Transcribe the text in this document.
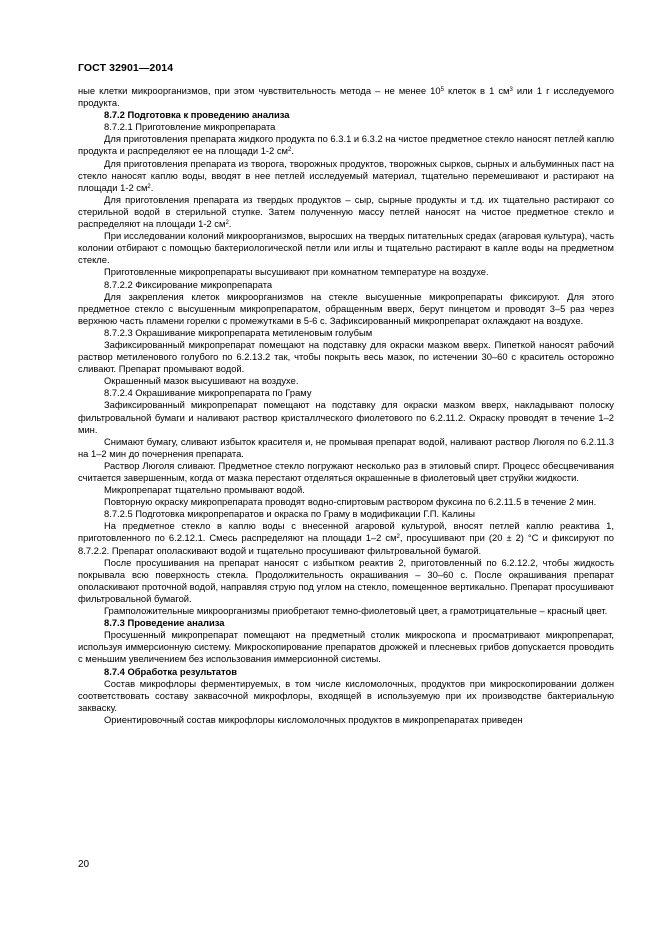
ГОСТ 32901—2014

ные клетки микроорганизмов, при этом чувствительность метода – не менее $10^5$ клеток в 1 $см^3$ или 1 г исследуемого продукта.

8.7.2 Подготовка к проведению анализа

8.7.2.1 Приготовление микропрепарата

Для приготовления препарата жидкого продукта по 6.3.1 и 6.3.2 на чистое предметное стекло наносят петлей каплю продукта и распределяют ее на площади 1-2 $см^2$.

Для приготовления препарата из творога, творожных продуктов, творожных сырков, сырных и альбуминных паст на стекло наносят каплю воды, вводят в нее петлей исследуемый материал, тщательно перемешивают и растирают на площади 1-2 $см^2$.

Для приготовления препарата из твердых продуктов – сыр, сырные продукты и т.д. их тщательно растирают со стерильной водой в стерильной ступке. Затем полученную массу петлей наносят на чистое предметное стекло и распределяют на площади 1-2 $см^2$.

При исследовании колоний микроорганизмов, выросших на твердых питательных средах (агаровая культура), часть колонии отбирают с помощью бактериологической петли или иглы и тщательно растирают в капле воды на предметном стекле.

Приготовленные микропрепараты высушивают при комнатном температуре на воздухе.

8.7.2.2 Фиксирование микропрепарата

Для закрепления клеток микроорганизмов на стекле высушенные микропрепараты фиксируют. Для этого предметное стекло с высушенным микропрепаратом, обращенным вверх, берут пинцетом и проводят 3–5 раз через верхнюю часть пламени горелки с промежутками в 5-6 с. Зафиксированный микропрепарат охлаждают на воздухе.

8.7.2.3 Окрашивание микропрепарата метиленовым голубым

Зафиксированный микропрепарат помещают на подставку для окраски мазком вверх. Пипеткой наносят рабочий раствор метиленового голубого по 6.2.13.2 так, чтобы покрыть весь мазок, по истечении 30–60 с краситель осторожно сливают. Препарат промывают водой.

Окрашенный мазок высушивают на воздухе.

8.7.2.4 Окрашивание микропрепарата по Граму

Зафиксированный микропрепарат помещают на подставку для окраски мазком вверх, накладывают полоску фильтровальной бумаги и наливают раствор кристаллческого фиолетового по 6.2.11.2. Окраску проводят в течение 1–2 мин.

Снимают бумагу, сливают избыток красителя и, не промывая препарат водой, наливают раствор Люголя по 6.2.11.3 на 1–2 мин до почернения препарата.

Раствор Люголя сливают. Предметное стекло погружают несколько раз в этиловый спирт. Процесс обесцвечивания считается завершенным, когда от мазка перестают отделяться окрашенные в фиолетовый цвет струйки жидкости.

Микропрепарат тщательно промывают водой.

Повторную окраску микропрепарата проводят водно-спиртовым раствором фуксина по 6.2.11.5 в течение 2 мин.

8.7.2.5 Подготовка микропрепаратов и окраска по Граму в модификации Г.П. Калины

На предметное стекло в каплю воды с внесенной агаровой культурой, вносят петлей каплю реактива 1, приготовленного по 6.2.12.1. Смесь распределяют на площади 1–2 $см^2$, просушивают при (20 ± 2) °С и фиксируют по 8.7.2.2. Препарат ополаскивают водой и тщательно просушивают фильтровальной бумагой.

После просушивания на препарат наносят с избытком реактив 2, приготовленный по 6.2.12.2, чтобы жидкость покрывала всю поверхность стекла. Продолжительность окрашивания – 30–60 с. После окрашивания препарат ополаскивают проточной водой, направляя струю под углом на стекло, помещенное вертикально. Препарат просушивают фильтровальной бумагой.

Грамположительные микроорганизмы приобретают темно-фиолетовый цвет, а грамотрицательные – красный цвет.

8.7.3 Проведение анализа

Просушенный микропрепарат помещают на предметный столик микроскопа и просматривают микропрепарат, используя иммерсионную систему. Микроскопирование препаратов дрожжей и плесневых грибов допускается проводить с меньшим увеличением без использования иммерсионной системы.

8.7.4 Обработка результатов

Состав микрофлоры ферментируемых, в том числе кисломолочных, продуктов при микроскопировании должен соответствовать составу заквасочной микрофлоры, входящей в используемую при их производстве бактериальную закваску.

Ориентировочный состав микрофлоры кисломолочных продуктов в микропрепаратах приведен

20
